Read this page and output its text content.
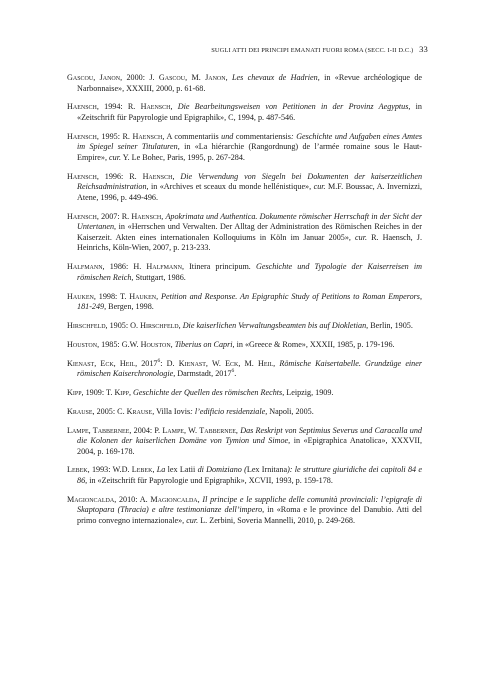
SUGLI ATTI DEI PRINCIPI EMANATI FUORI ROMA (SECC. I-II D.C.) 33

Gascou, Janon, 2000: J. Gascou, M. Janon, Les chevaux de Hadrien, in «Revue archéologique de Narbonnaise», XXXIII, 2000, p. 61-68.

Haensch, 1994: R. Haensch, Die Bearbeitungsweisen von Petitionen in der Provinz Aegyptus, in «Zeitschrift für Papyrologie und Epigraphik», C, 1994, p. 487-546.

Haensch, 1995: R. Haensch, A commentariis und commentariensis: Geschichte und Aufgaben eines Amtes im Spiegel seiner Titulaturen, in «La hiérarchie (Rangordnung) de l’armée romaine sous le Haut-Empire», cur. Y. Le Bohec, Paris, 1995, p. 267-284.

Haensch, 1996: R. Haensch, Die Verwendung von Siegeln bei Dokumenten der kaiserzeitlichen Reichsadministration, in «Archives et sceaux du monde hellénistique», cur. M.F. Boussac, A. Invernizzi, Atene, 1996, p. 449-496.

Haensch, 2007: R. Haensch, Apokrimata und Authentica. Dokumente römischer Herrschaft in der Sicht der Untertanen, in «Herrschen und Verwalten. Der Alltag der Administration des Römischen Reiches in der Kaiserzeit. Akten eines internationalen Kolloquiums in Köln im Januar 2005», cur. R. Haensch, J. Heinrichs, Köln-Wien, 2007, p. 213-233.

Halfmann, 1986: H. Halfmann, Itinera principum. Geschichte und Typologie der Kaiserreisen im römischen Reich, Stuttgart, 1986.

Hauken, 1998: T. Hauken, Petition and Response. An Epigraphic Study of Petitions to Roman Emperors, 181-249, Bergen, 1998.

Hirschfeld, 1905: O. Hirschfeld, Die kaiserlichen Verwaltungsbeamten bis auf Diokletian, Berlin, 1905.

Houston, 1985: G.W. Houston, Tiberius on Capri, in «Greece & Rome», XXXII, 1985, p. 179-196.

Kienast, Eck, Heil, 2017$^6$: D. Kienast, W. Eck, M. Heil, Römische Kaisertabelle. Grundzüge einer römischen Kaiserchronologie, Darmstadt, 2017$^6$.

Kipp, 1909: T. Kipp, Geschichte der Quellen des römischen Rechts, Leipzig, 1909.

Krause, 2005: C. Krause, Villa Iovis: l’edificio residenziale, Napoli, 2005.

Lampe, Tabbernee, 2004: P. Lampe, W. Tabbernee, Das Reskript von Septimius Severus und Caracalla und die Kolonen der kaiserlichen Domäne von Tymion und Simoe, in «Epigraphica Anatolica», XXXVII, 2004, p. 169-178.

Lebek, 1993: W.D. Lebek, La lex Latii di Domiziano (Lex Irnitana): le strutture giuridiche dei capitoli 84 e 86, in «Zeitschrift für Papyrologie und Epigraphik», XCVII, 1993, p. 159-178.

Magioncalda, 2010: A. Magioncalda, Il principe e le suppliche delle comunità provinciali: l’epigrafe di Skaptopara (Thracia) e altre testimonianze dell’impero, in «Roma e le province del Danubio. Atti del primo convegno internazionale», cur. L. Zerbini, Soveria Mannelli, 2010, p. 249-268.
